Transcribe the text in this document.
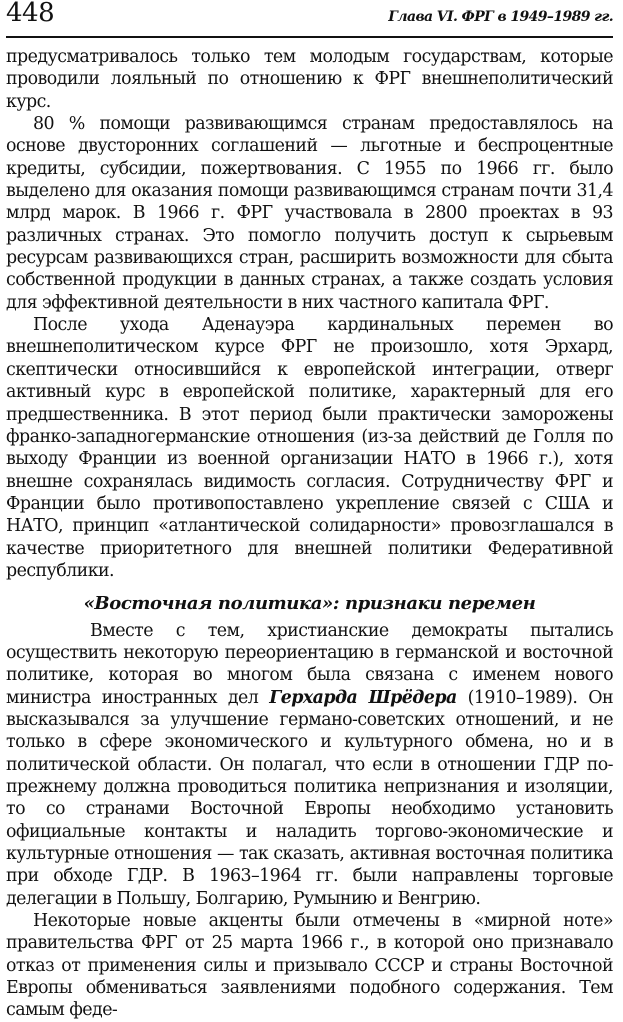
448	Глава VI. ФРГ в 1949–1989 гг.

предусматривалось только тем молодым государствам, которые проводили лояльный по отношению к ФРГ внешнеполитический курс.

80 % помощи развивающимся странам предоставлялось на основе двусторонних соглашений — льготные и беспроцентные кредиты, субсидии, пожертвования. С 1955 по 1966 гг. было выделено для оказания помощи развивающимся странам почти 31,4 млрд марок. В 1966 г. ФРГ участвовала в 2800 проектах в 93 различных странах. Это помогло получить доступ к сырьевым ресурсам развивающихся стран, расширить возможности для сбыта собственной продукции в данных странах, а также создать условия для эффективной деятельности в них частного капитала ФРГ.

После ухода Аденауэра кардинальных перемен во внешнеполитическом курсе ФРГ не произошло, хотя Эрхард, скептически относившийся к европейской интеграции, отверг активный курс в европейской политике, характерный для его предшественника. В этот период были практически заморожены франко-западногерманские отношения (из-за действий де Голля по выходу Франции из военной организации НАТО в 1966 г.), хотя внешне сохранялась видимость согласия. Сотрудничеству ФРГ и Франции было противопоставлено укрепление связей с США и НАТО, принцип «атлантической солидарности» провозглашался в качестве приоритетного для внешней политики Федеративной республики.

«Восточная политика»: признаки перемен

Вместе с тем, христианские демократы пытались осуществить некоторую переориентацию в германской и восточной политике, которая во многом была связана с именем нового министра иностранных дел Герхарда Шрёдера (1910–1989). Он высказывался за улучшение германо-советских отношений, и не только в сфере экономического и культурного обмена, но и в политической области. Он полагал, что если в отношении ГДР по-прежнему должна проводиться политика непризнания и изоляции, то со странами Восточной Европы необходимо установить официальные контакты и наладить торгово-экономические и культурные отношения — так сказать, активная восточная политика при обходе ГДР. В 1963–1964 гг. были направлены торговые делегации в Польшу, Болгарию, Румынию и Венгрию.

Некоторые новые акценты были отмечены в «мирной ноте» правительства ФРГ от 25 марта 1966 г., в которой оно признавало отказ от применения силы и призывало СССР и страны Восточной Европы обмениваться заявлениями подобного содержания. Тем самым феде-
